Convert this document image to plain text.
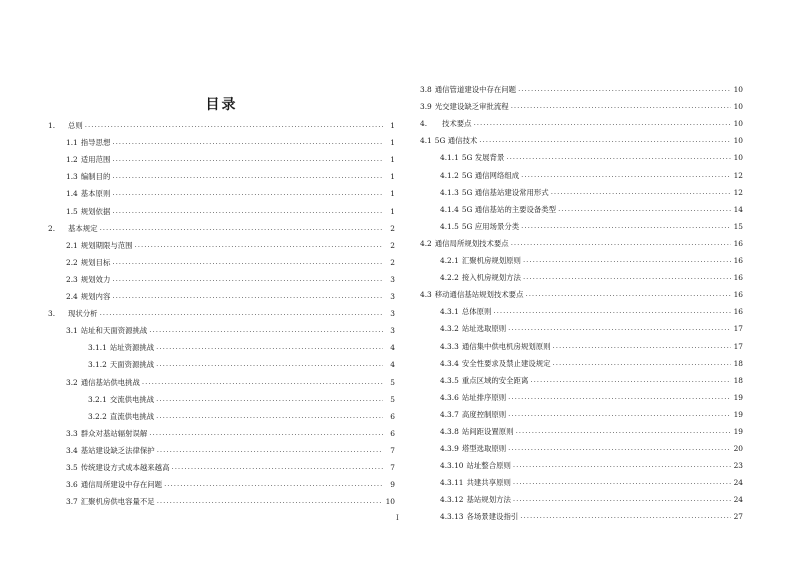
目录
1.	总则 .....	1
1.1 指导思想 .....	1
1.2 适用范围 .....	1
1.3 编制目的 .....	1
1.4 基本原则 .....	1
1.5 规划依据 .....	1
2.	基本规定 .....	2
2.1 规划期限与范围 .....	2
2.2 规划目标 .....	2
2.3 规划效力 .....	3
2.4 规划内容 .....	3
3.	现状分析 .....	3
3.1 站址和天面资源挑战 .....	3
3.1.1 站址资源挑战 .....	4
3.1.2 天面资源挑战 .....	4
3.2 通信基站供电挑战 .....	5
3.2.1 交流供电挑战 .....	5
3.2.2 直流供电挑战 .....	6
3.3 群众对基站辐射误解 .....	6
3.4 基站建设缺乏法律保护 .....	7
3.5 传统建设方式成本越来越高 .....	7
3.6 通信局所建设中存在问题 .....	9
3.7 汇聚机房供电容量不足 .....	10
3.8 通信管道建设中存在问题 .....	10
3.9 光交建设缺乏审批流程 .....	10
4.	技术要点 .....	10
4.1 5G 通信技术 .....	10
4.1.1 5G 发展背景 .....	10
4.1.2 5G 通信网络组成 .....	12
4.1.3 5G 通信基站建设常用形式 .....	12
4.1.4 5G 通信基站的主要设备类型 .....	14
4.1.5 5G 应用场景分类 .....	15
4.2 通信局所规划技术要点 .....	16
4.2.1 汇聚机房规划原则 .....	16
4.2.2 接入机房规划方法 .....	16
4.3 移动通信基站规划技术要点 .....	16
4.3.1 总体原则 .....	16
4.3.2 站址选取原则 .....	17
4.3.3 通信集中供电机房规划原则 .....	17
4.3.4 安全性要求及禁止建设规定 .....	18
4.3.5 重点区域的安全距离 .....	18
4.3.6 站址排序原则 .....	19
4.3.7 高度控制原则 .....	19
4.3.8 站间距设置原则 .....	19
4.3.9 塔型选取原则 .....	20
4.3.10 站址整合原则 .....	23
4.3.11 共建共享原则 .....	24
4.3.12 基站规划方法 .....	24
4.3.13 各场景建设指引 .....	27
I
